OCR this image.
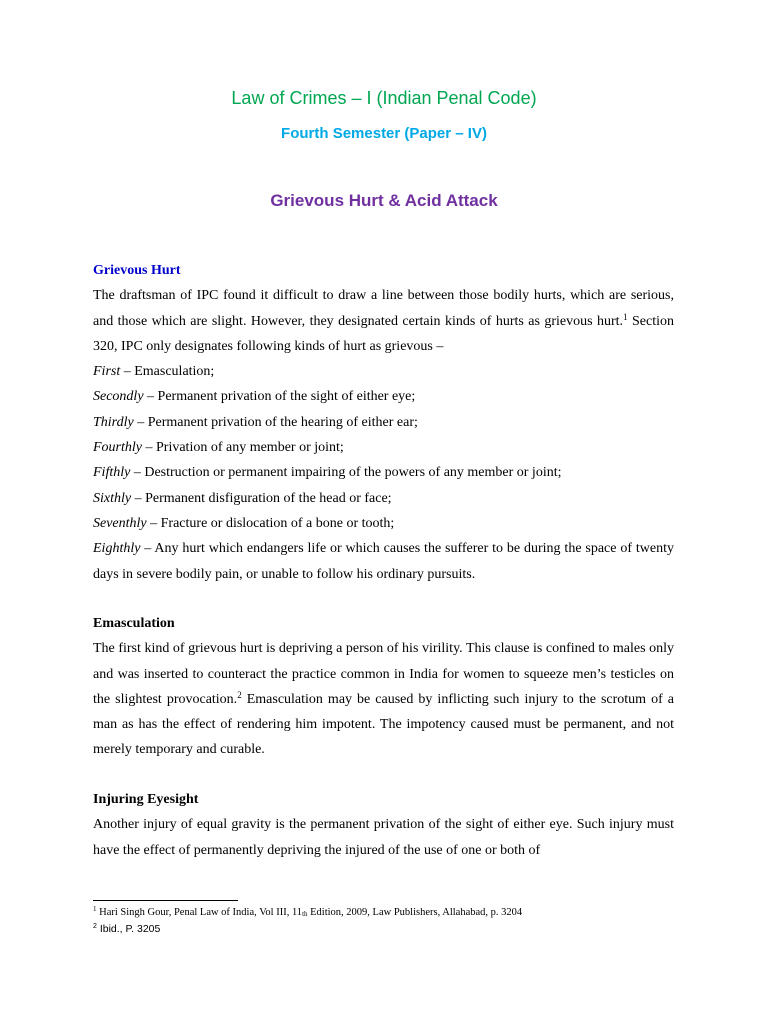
Law of Crimes – I (Indian Penal Code)
Fourth Semester (Paper – IV)
Grievous Hurt & Acid Attack
Grievous Hurt

The draftsman of IPC found it difficult to draw a line between those bodily hurts, which are serious, and those which are slight. However, they designated certain kinds of hurts as grievous hurt.$^1$ Section 320, IPC only designates following kinds of hurt as grievous –

First – Emasculation;
Secondly – Permanent privation of the sight of either eye;
Thirdly – Permanent privation of the hearing of either ear;
Fourthly – Privation of any member or joint;
Fifthly – Destruction or permanent impairing of the powers of any member or joint;
Sixthly – Permanent disfiguration of the head or face;
Seventhly – Fracture or dislocation of a bone or tooth;
Eighthly – Any hurt which endangers life or which causes the sufferer to be during the space of twenty days in severe bodily pain, or unable to follow his ordinary pursuits.
Emasculation

The first kind of grievous hurt is depriving a person of his virility. This clause is confined to males only and was inserted to counteract the practice common in India for women to squeeze men’s testicles on the slightest provocation.$^2$ Emasculation may be caused by inflicting such injury to the scrotum of a man as has the effect of rendering him impotent. The impotency caused must be permanent, and not merely temporary and curable.

Injuring Eyesight

Another injury of equal gravity is the permanent privation of the sight of either eye. Such injury must have the effect of permanently depriving the injured of the use of one or both of

$^1$ Hari Singh Gour, Penal Law of India, Vol III, 11th Edition, 2009, Law Publishers, Allahabad, p. 3204
$^2$ Ibid., P. 3205
